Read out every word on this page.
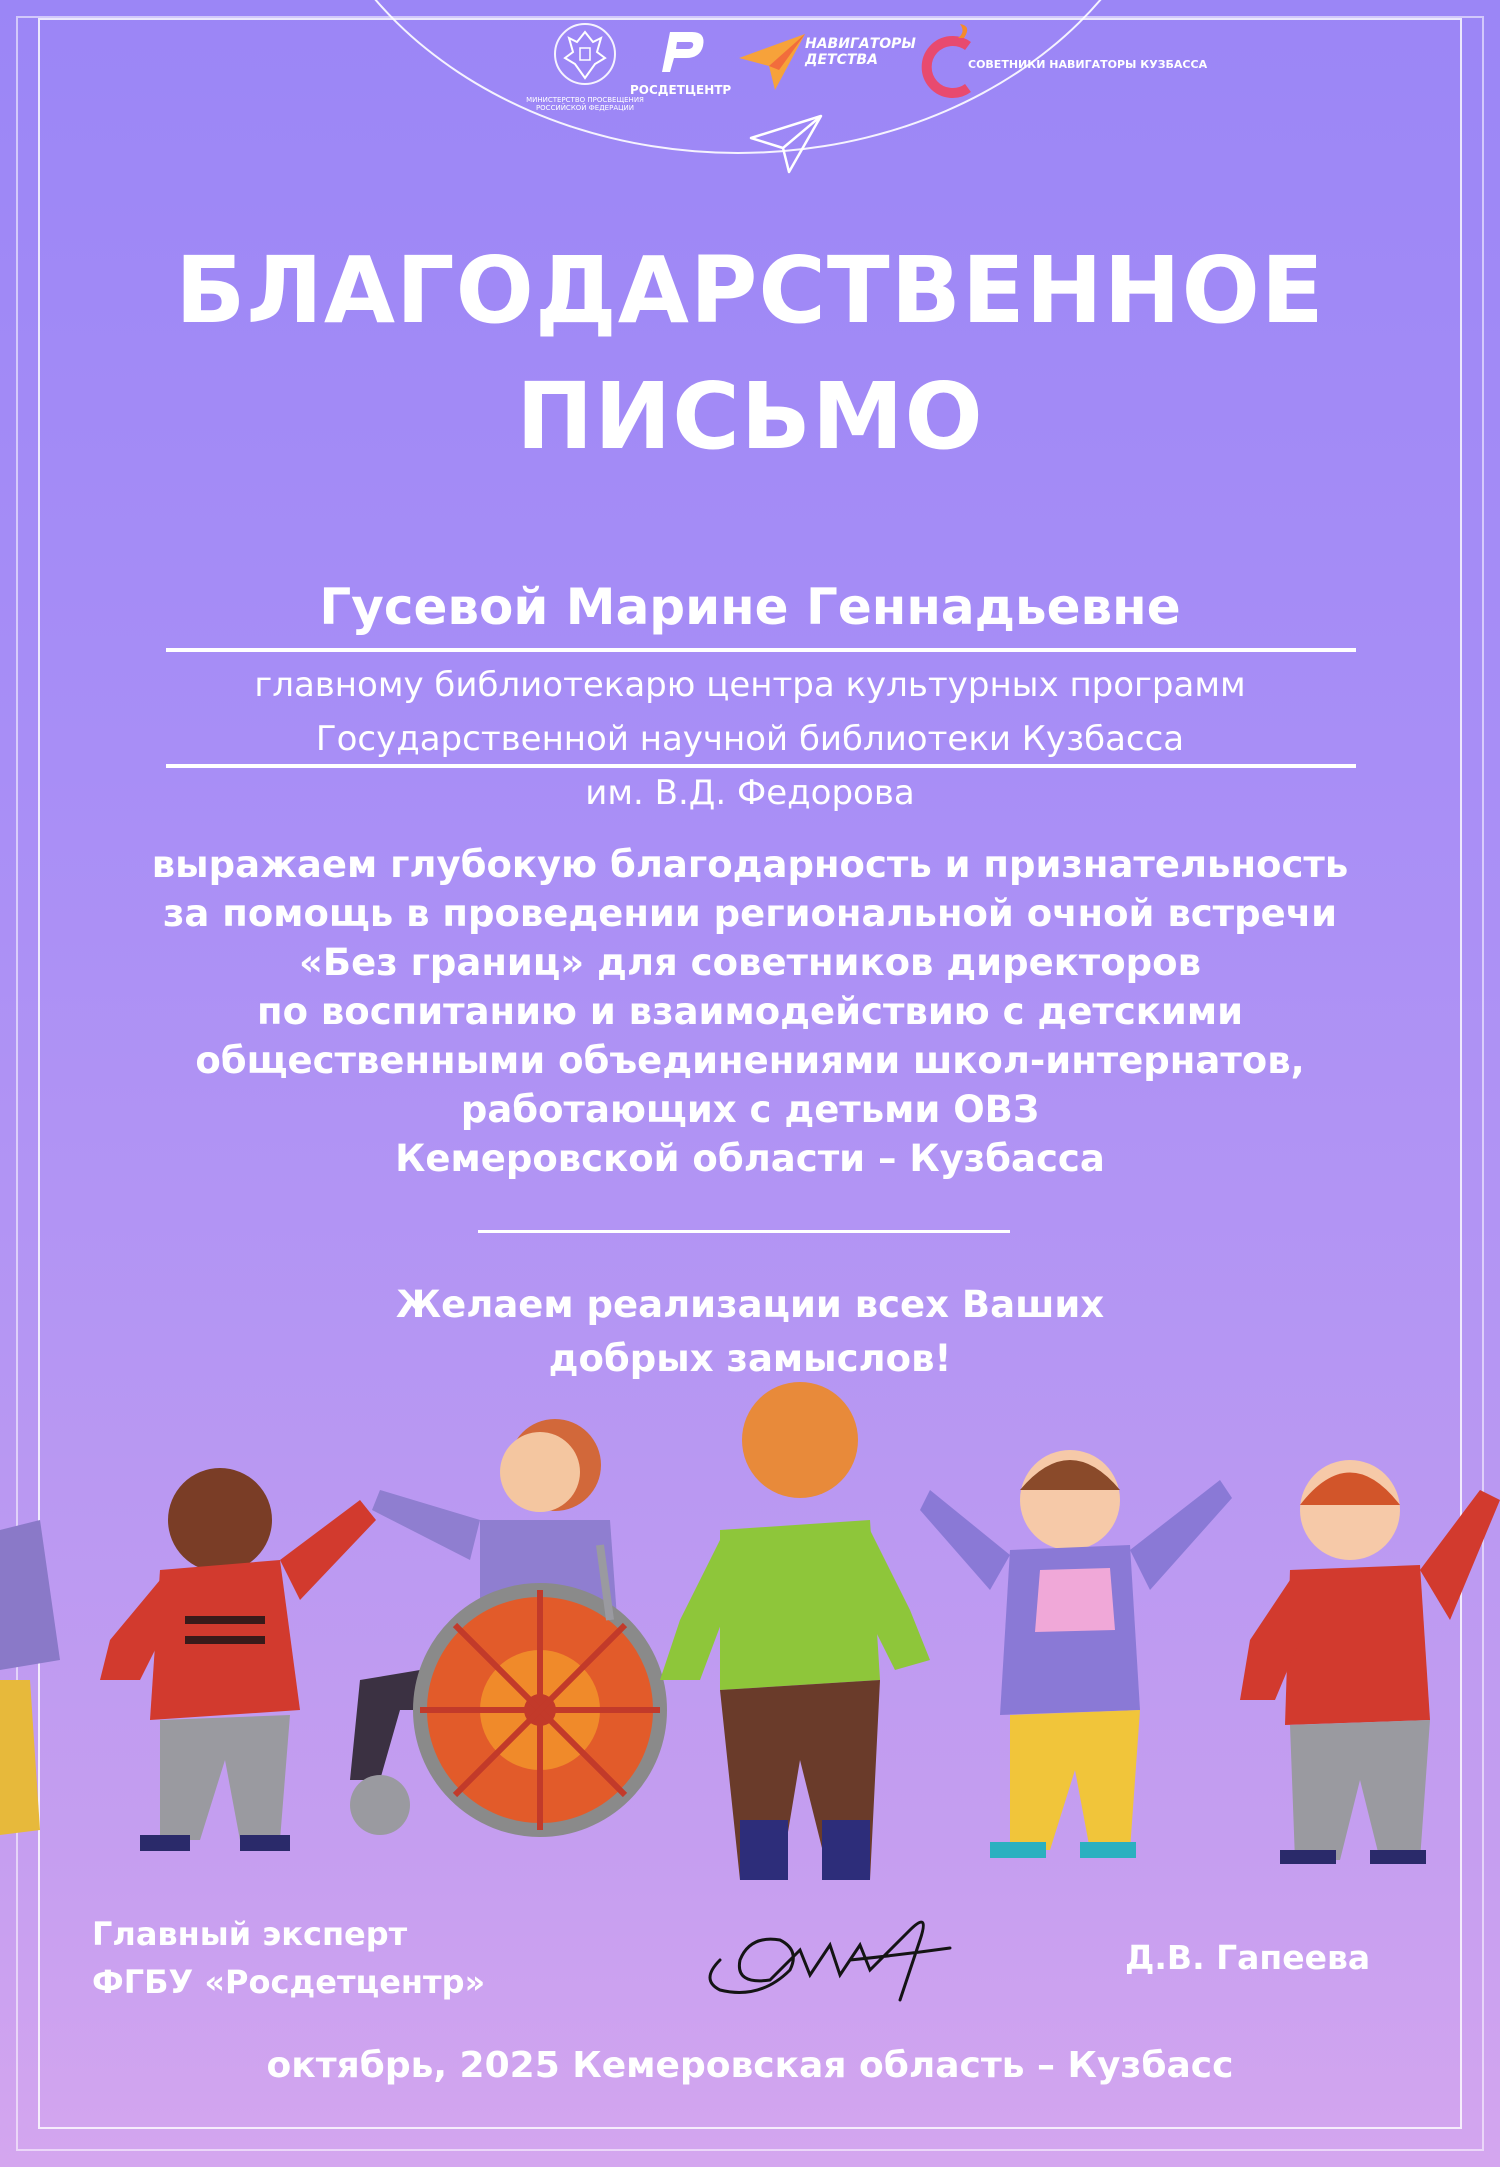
МИНИСТЕРСТВО ПРОСВЕЩЕНИЯ РОССИЙСКОЙ ФЕДЕРАЦИИ
РОСДЕТЦЕНТР
НАВИГАТОРЫ ДЕТСТВА	СОВЕТНИКИ НАВИГАТОРЫ КУЗБАССА
БЛАГОДАРСТВЕННОЕ
ПИСЬМО
Гусевой Марине Геннадьевне
главному библиотекарю центра культурных программ
Государственной научной библиотеки Кузбасса
им. В.Д. Федорова
выражаем глубокую благодарность и признательность
за помощь в проведении региональной очной встречи
«Без границ» для советников директоров
по воспитанию и взаимодействию с детскими
общественными объединениями школ-интернатов,
работающих с детьми ОВЗ
Кемеровской области – Кузбасса
Желаем реализации всех Ваших
добрых замыслов!
Главный эксперт
ФГБУ «Росдетцентр»
Д.В. Гапеева
октябрь, 2025 Кемеровская область – Кузбасс
